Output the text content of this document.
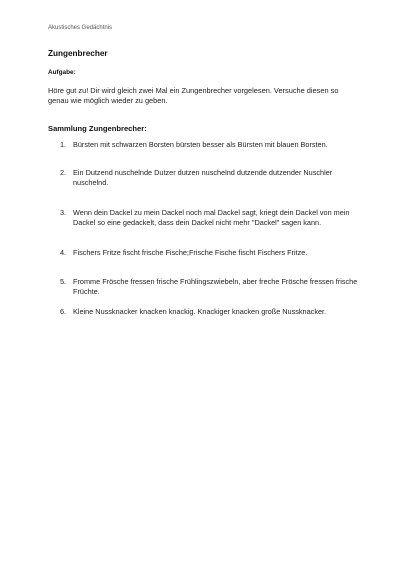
Akustisches Gedächtnis
Zungenbrecher
Aufgabe:
Höre gut zu! Dir wird gleich zwei Mal ein Zungenbrecher vorgelesen. Versuche diesen so genau wie möglich wieder zu geben.
Sammlung Zungenbrecher:
1. Bürsten mit schwarzen Borsten bürsten besser als Bürsten mit blauen Borsten.
2. Ein Dutzend nuschelnde Dutzer dutzen nuschelnd dutzende dutzender Nuschler nuschelnd.
3. Wenn dein Dackel zu mein Dackel noch mal Dackel sagt, kriegt dein Dackel von mein Dackel so eine gedackelt, dass dein Dackel nicht mehr "Dackel" sagen kann.
4. Fischers Fritze fischt frische Fische;Frische Fische fischt Fischers Fritze.
5. Fromme Frösche fressen frische Frühlingszwiebeln, aber freche Frösche fressen frische Früchte.
6. Kleine Nussknacker knacken knackig. Knackiger knacken große Nussknacker.
